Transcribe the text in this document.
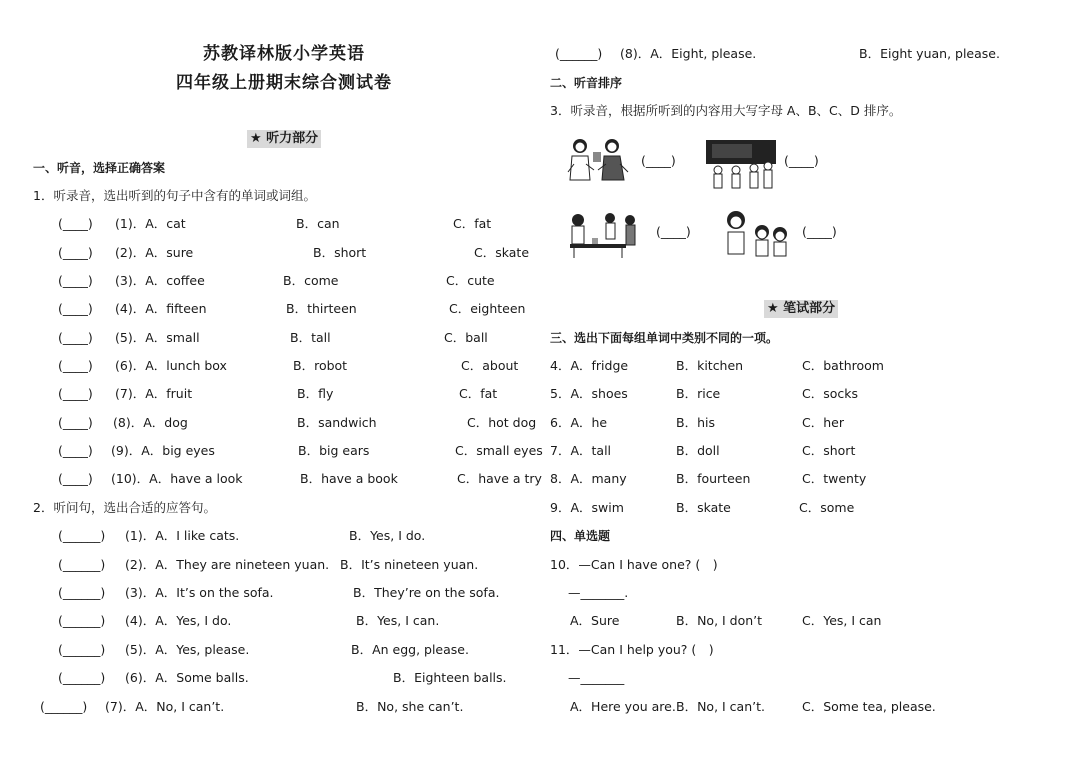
苏教译林版小学英语
四年级上册期末综合测试卷
★ 听力部分
一、听音，选择正确答案
1．听录音，选出听到的句子中含有的单词或词组。
(____) (1)．A．cat	B．can	C．fat
(____) (2)．A．sure	B．short	C．skate
(____) (3)．A．coffee	B．come	C．cute
(____) (4)．A．fifteen	B．thirteen	C．eighteen
(____) (5)．A．small	B．tall	C．ball
(____) (6)．A．lunch box	B．robot	C．about
(____) (7)．A．fruit	B．fly	C．fat
(____) (8)．A．dog	B．sandwich	C．hot dog
(____) (9)．A．big eyes	B．big ears	C．small eyes
(____) (10)．A．have a look	B．have a book	C．have a try
2．听问句，选出合适的应答句。
(______) (1)．A．I like cats.	B．Yes, I do.
(______) (2)．A．They are nineteen yuan. B．It’s nineteen yuan.
(______) (3)．A．It’s on the sofa.	B．They’re on the sofa.
(______) (4)．A．Yes, I do.	B．Yes, I can.
(______) (5)．A．Yes, please.	B．An egg, please.
(______) (6)．A．Some balls.	B．Eighteen balls.
(______) (7)．A．No, I can’t.	B．No, she can’t.
(______) (8)．A．Eight, please.	B．Eight yuan, please.
二、听音排序
3．听录音，根据所听到的内容用大写字母 A、B、C、D 排序。
(____)	(____)
(____)	(____)
★ 笔试部分
三、选出下面每组单词中类别不同的一项。
4．A．fridge	B．kitchen	C．bathroom
5．A．shoes	B．rice	C．socks
6．A．he	B．his	C．her
7．A．tall	B．doll	C．short
8．A．many	B．fourteen	C．twenty
9．A．swim	B．skate	C．some
四、单选题
10．—Can I have one? (　)
—_______.
A．Sure	B．No, I don’t	C．Yes, I can
11．—Can I help you? (　)
—_______
A．Here you are. B．No, I can’t.	C．Some tea, please.
